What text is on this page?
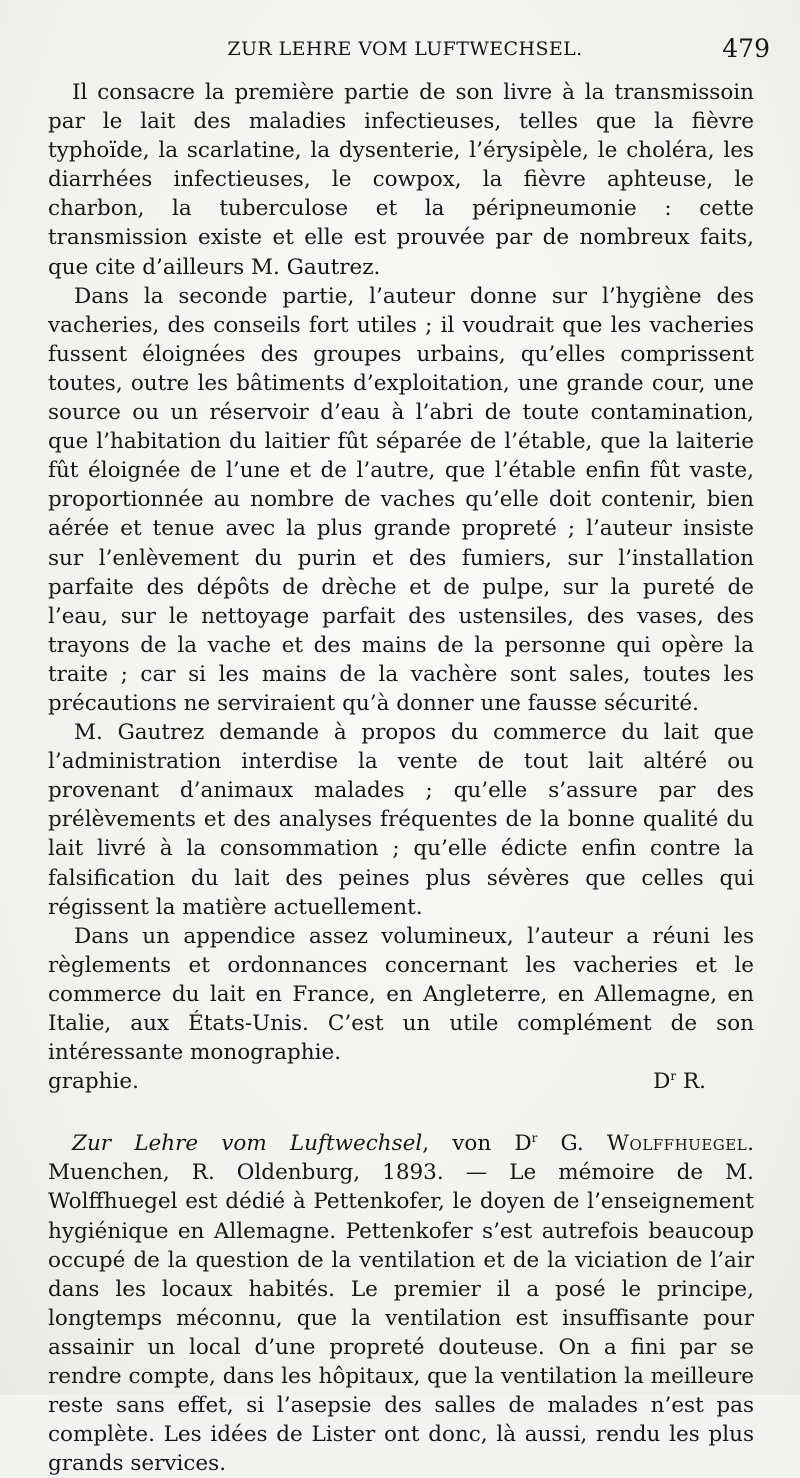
ZUR LEHRE VOM LUFTWECHSEL.	479

Il consacre la première partie de son livre à la transmissoin par le lait des maladies infectieuses, telles que la fièvre typhoïde, la scarlatine, la dysenterie, l’érysipèle, le choléra, les diarrhées infectieuses, le cowpox, la fièvre aphteuse, le charbon, la tuberculose et la péripneumonie : cette transmission existe et elle est prouvée par de nombreux faits, que cite d’ailleurs M. Gautrez.

Dans la seconde partie, l’auteur donne sur l’hygiène des vacheries, des conseils fort utiles ; il voudrait que les vacheries fussent éloignées des groupes urbains, qu’elles comprissent toutes, outre les bâtiments d’exploitation, une grande cour, une source ou un réservoir d’eau à l’abri de toute contamination, que l’habitation du laitier fût séparée de l’étable, que la laiterie fût éloignée de l’une et de l’autre, que l’étable enfin fût vaste, proportionnée au nombre de vaches qu’elle doit contenir, bien aérée et tenue avec la plus grande propreté ; l’auteur insiste sur l’enlèvement du purin et des fumiers, sur l’installation parfaite des dépôts de drèche et de pulpe, sur la pureté de l’eau, sur le nettoyage parfait des ustensiles, des vases, des trayons de la vache et des mains de la personne qui opère la traite ; car si les mains de la vachère sont sales, toutes les précautions ne serviraient qu’à donner une fausse sécurité.

M. Gautrez demande à propos du commerce du lait que l’administration interdise la vente de tout lait altéré ou provenant d’animaux malades ; qu’elle s’assure par des prélèvements et des analyses fréquentes de la bonne qualité du lait livré à la consommation ; qu’elle édicte enfin contre la falsification du lait des peines plus sévères que celles qui régissent la matière actuellement.

Dans un appendice assez volumineux, l’auteur a réuni les règlements et ordonnances concernant les vacheries et le commerce du lait en France, en Angleterre, en Allemagne, en Italie, aux États-Unis. C’est un utile complément de son intéressante monographie.

graphie.	$D^r$ R.

Zur Lehre vom Luftwechsel, von $D^r$ G. Wolffhuegel. Muenchen, R. Oldenburg, 1893. — Le mémoire de M. Wolffhuegel est dédié à Pettenkofer, le doyen de l’enseignement hygiénique en Allemagne. Pettenkofer s’est autrefois beaucoup occupé de la question de la ventilation et de la viciation de l’air dans les locaux habités. Le premier il a posé le principe, longtemps méconnu, que la ventilation est insuffisante pour assainir un local d’une propreté douteuse. On a fini par se rendre compte, dans les hôpitaux, que la ventilation la meilleure reste sans effet, si l’asepsie des salles de malades n’est pas complète. Les idées de Lister ont donc, là aussi, rendu les plus grands services.
